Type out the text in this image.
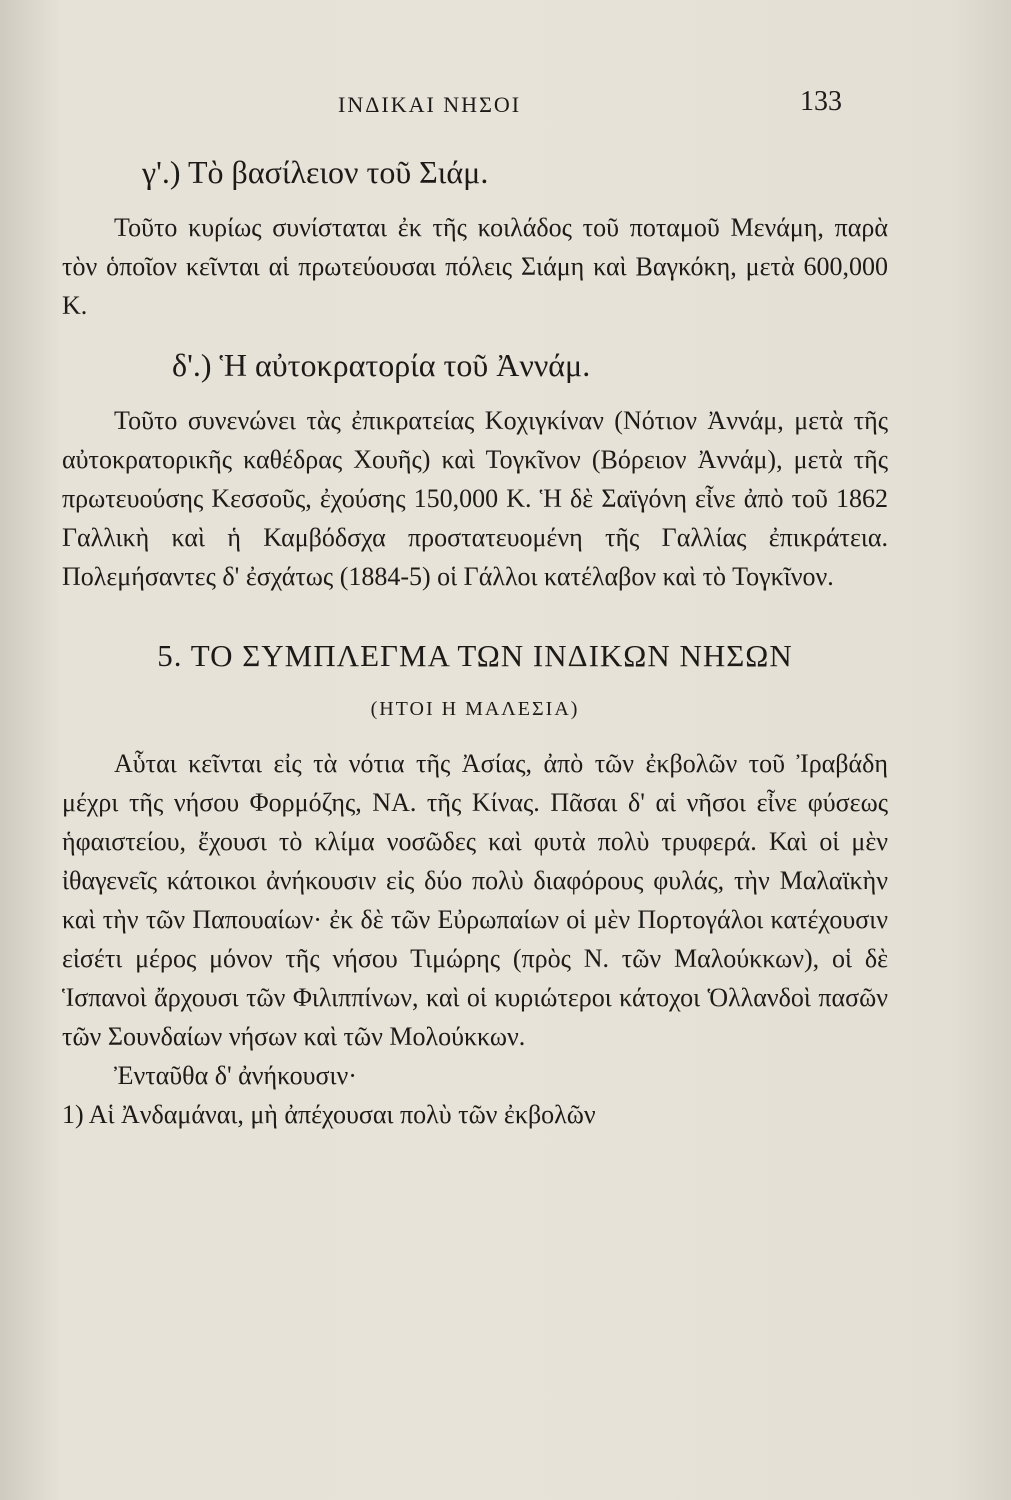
ΙΝΔΙΚΑΙ ΝΗΣΟΙ	133
γ'.) Τὸ βασίλειον τοῦ Σιάμ.

Τοῦτο κυρίως συνίσταται ἐκ τῆς κοιλάδος τοῦ ποταμοῦ Μενάμη, παρὰ τὸν ὁποῖον κεῖνται αἱ πρωτεύουσαι πόλεις Σιάμη καὶ Βαγκόκη, μετὰ 600,000 Κ.

δ'.) Ἡ αὐτοκρατορία τοῦ Ἀννάμ.

Τοῦτο συνενώνει τὰς ἐπικρατείας Κοχιγκίναν (Νότιον Ἀννάμ, μετὰ τῆς αὐτοκρατορικῆς καθέδρας Χουῆς) καὶ Τογκῖνον (Βόρειον Ἀννάμ), μετὰ τῆς πρωτευούσης Κεσσοῦς, ἐχούσης 150,000 Κ. Ἡ δὲ Σαϊγόνη εἶνε ἀπὸ τοῦ 1862 Γαλλικὴ καὶ ἡ Καμβόδσχα προστατευομένη τῆς Γαλλίας ἐπικράτεια. Πολεμήσαντες δ' ἐσχάτως (1884-5) οἱ Γάλλοι κατέλαβον καὶ τὸ Τογκῖνον.

5. ΤΟ ΣΥΜΠΛΕΓΜΑ ΤΩΝ ΙΝΔΙΚΩΝ ΝΗΣΩΝ
(ΗΤΟΙ Η ΜΑΛΕΣΙΑ)

Αὗται κεῖνται εἰς τὰ νότια τῆς Ἀσίας, ἀπὸ τῶν ἐκβολῶν τοῦ Ἰραβάδη μέχρι τῆς νήσου Φορμόζης, ΝΑ. τῆς Κίνας. Πᾶσαι δ' αἱ νῆσοι εἶνε φύσεως ἡφαιστείου, ἔχουσι τὸ κλίμα νοσῶδες καὶ φυτὰ πολὺ τρυφερά. Καὶ οἱ μὲν ἰθαγενεῖς κάτοικοι ἀνήκουσιν εἰς δύο πολὺ διαφόρους φυλάς, τὴν Μαλαϊκὴν καὶ τὴν τῶν Παπουαίων· ἐκ δὲ τῶν Εὐρωπαίων οἱ μὲν Πορτογάλοι κατέχουσιν εἰσέτι μέρος μόνον τῆς νήσου Τιμώρης (πρὸς Ν. τῶν Μαλούκκων), οἱ δὲ Ἱσπανοὶ ἄρχουσι τῶν Φιλιππίνων, καὶ οἱ κυριώτεροι κάτοχοι Ὁλλανδοὶ πασῶν τῶν Σουνδαίων νήσων καὶ τῶν Μολούκκων.

Ἐνταῦθα δ' ἀνήκουσιν·

1) Αἱ Ἀνδαμάναι, μὴ ἀπέχουσαι πολὺ τῶν ἐκβολῶν
